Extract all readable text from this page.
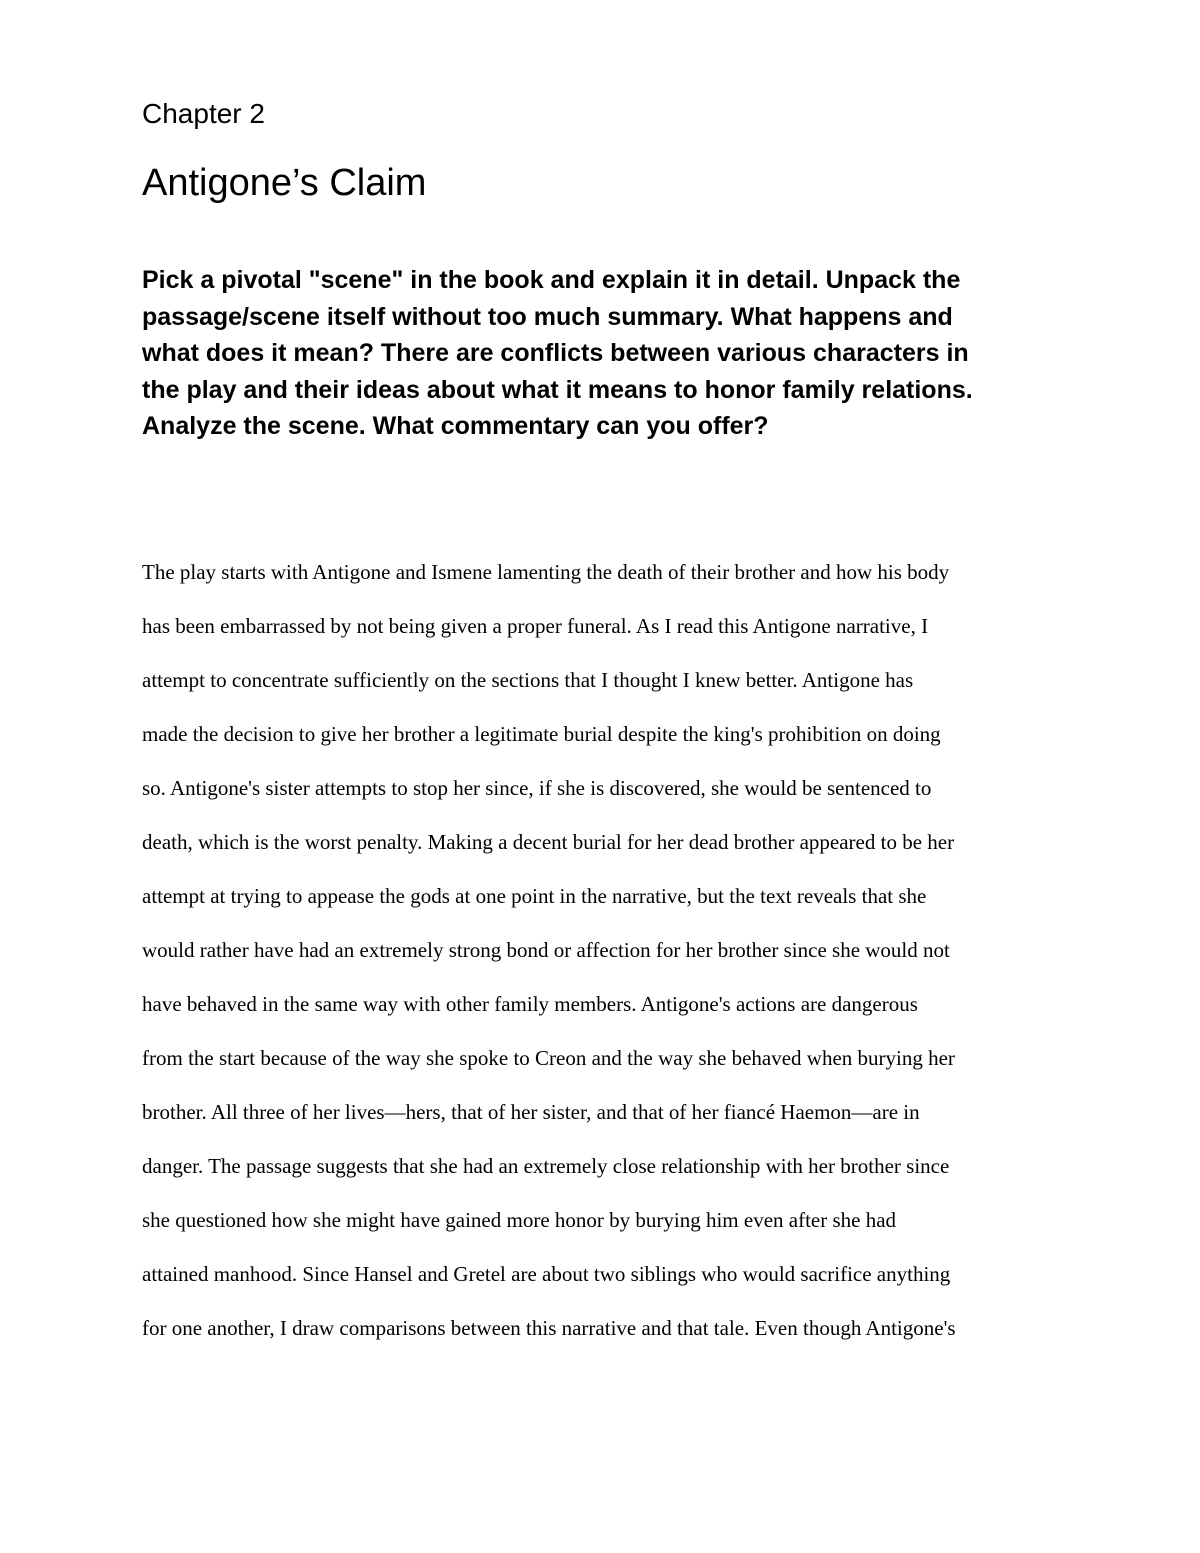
Chapter 2
Antigone’s Claim
Pick a pivotal "scene" in the book and explain it in detail. Unpack the
passage/scene itself without too much summary. What happens and
what does it mean? There are conflicts between various characters in
the play and their ideas about what it means to honor family relations.
Analyze the scene. What commentary can you offer?
The play starts with Antigone and Ismene lamenting the death of their brother and how his body
has been embarrassed by not being given a proper funeral. As I read this Antigone narrative, I
attempt to concentrate sufficiently on the sections that I thought I knew better. Antigone has
made the decision to give her brother a legitimate burial despite the king's prohibition on doing
so. Antigone's sister attempts to stop her since, if she is discovered, she would be sentenced to
death, which is the worst penalty. Making a decent burial for her dead brother appeared to be her
attempt at trying to appease the gods at one point in the narrative, but the text reveals that she
would rather have had an extremely strong bond or affection for her brother since she would not
have behaved in the same way with other family members. Antigone's actions are dangerous
from the start because of the way she spoke to Creon and the way she behaved when burying her
brother. All three of her lives—hers, that of her sister, and that of her fiancé Haemon—are in
danger. The passage suggests that she had an extremely close relationship with her brother since
she questioned how she might have gained more honor by burying him even after she had
attained manhood. Since Hansel and Gretel are about two siblings who would sacrifice anything
for one another, I draw comparisons between this narrative and that tale. Even though Antigone's
